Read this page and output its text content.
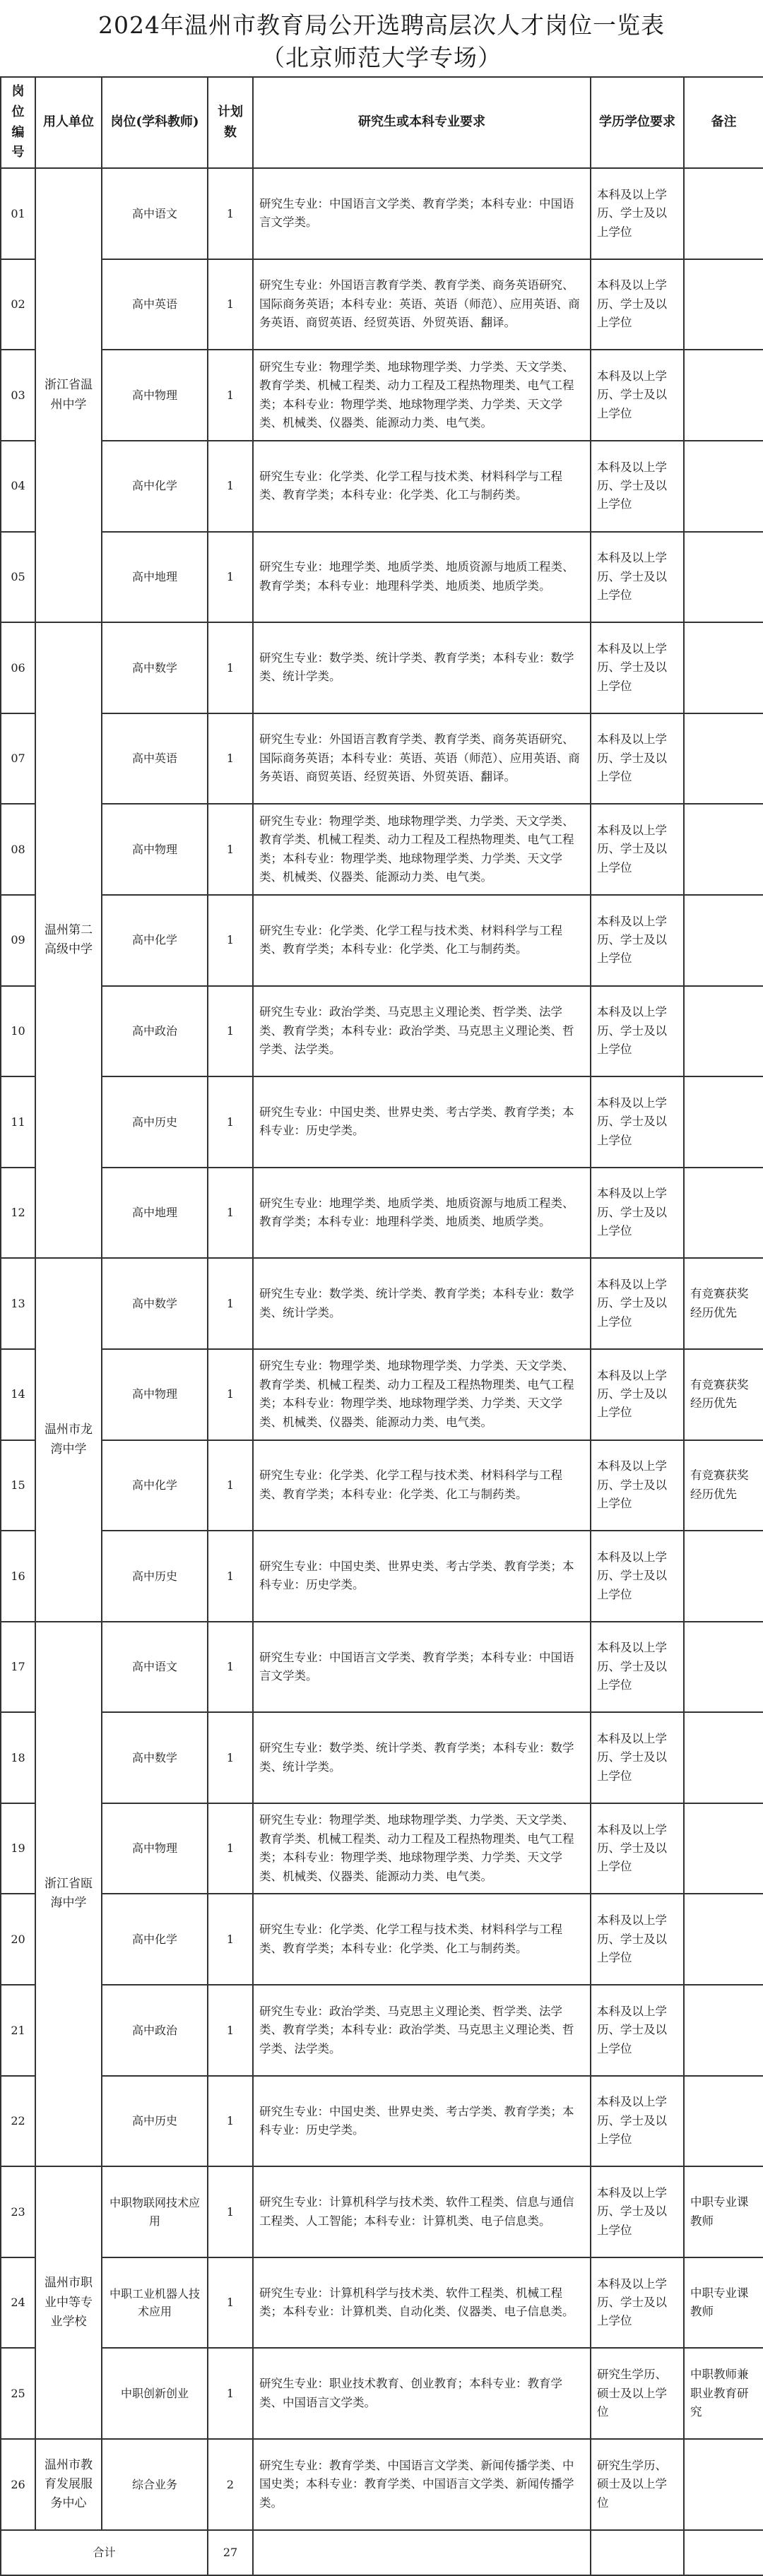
2024年温州市教育局公开选聘高层次人才岗位一览表
（北京师范大学专场）
岗位编号	用人单位	岗位(学科教师)	计划数	研究生或本科专业要求	学历学位要求	备注
01	浙江省温州中学	高中语文	1	研究生专业：中国语言文学类、教育学类；本科专业：中国语言文学类。	本科及以上学历、学士及以上学位	
02		高中英语	1	研究生专业：外国语言教育学类、教育学类、商务英语研究、国际商务英语；本科专业：英语、英语（师范）、应用英语、商务英语、商贸英语、经贸英语、外贸英语、翻译。	本科及以上学历、学士及以上学位	
03		高中物理	1	研究生专业：物理学类、地球物理学类、力学类、天文学类、教育学类、机械工程类、动力工程及工程热物理类、电气工程类；本科专业：物理学类、地球物理学类、力学类、天文学类、机械类、仪器类、能源动力类、电气类。	本科及以上学历、学士及以上学位	
04		高中化学	1	研究生专业：化学类、化学工程与技术类、材料科学与工程类、教育学类；本科专业：化学类、化工与制药类。	本科及以上学历、学士及以上学位	
05		高中地理	1	研究生专业：地理学类、地质学类、地质资源与地质工程类、教育学类；本科专业：地理科学类、地质类、地质学类。	本科及以上学历、学士及以上学位	
06	温州第二高级中学	高中数学	1	研究生专业：数学类、统计学类、教育学类；本科专业：数学类、统计学类。	本科及以上学历、学士及以上学位	
07		高中英语	1	研究生专业：外国语言教育学类、教育学类、商务英语研究、国际商务英语；本科专业：英语、英语（师范）、应用英语、商务英语、商贸英语、经贸英语、外贸英语、翻译。	本科及以上学历、学士及以上学位	
08		高中物理	1	研究生专业：物理学类、地球物理学类、力学类、天文学类、教育学类、机械工程类、动力工程及工程热物理类、电气工程类；本科专业：物理学类、地球物理学类、力学类、天文学类、机械类、仪器类、能源动力类、电气类。	本科及以上学历、学士及以上学位	
09		高中化学	1	研究生专业：化学类、化学工程与技术类、材料科学与工程类、教育学类；本科专业：化学类、化工与制药类。	本科及以上学历、学士及以上学位	
10		高中政治	1	研究生专业：政治学类、马克思主义理论类、哲学类、法学类、教育学类；本科专业：政治学类、马克思主义理论类、哲学类、法学类。	本科及以上学历、学士及以上学位	
11		高中历史	1	研究生专业：中国史类、世界史类、考古学类、教育学类；本科专业：历史学类。	本科及以上学历、学士及以上学位	
12		高中地理	1	研究生专业：地理学类、地质学类、地质资源与地质工程类、教育学类；本科专业：地理科学类、地质类、地质学类。	本科及以上学历、学士及以上学位	
13	温州市龙湾中学	高中数学	1	研究生专业：数学类、统计学类、教育学类；本科专业：数学类、统计学类。	本科及以上学历、学士及以上学位	有竞赛获奖经历优先
14		高中物理	1	研究生专业：物理学类、地球物理学类、力学类、天文学类、教育学类、机械工程类、动力工程及工程热物理类、电气工程类；本科专业：物理学类、地球物理学类、力学类、天文学类、机械类、仪器类、能源动力类、电气类。	本科及以上学历、学士及以上学位	有竞赛获奖经历优先
15		高中化学	1	研究生专业：化学类、化学工程与技术类、材料科学与工程类、教育学类；本科专业：化学类、化工与制药类。	本科及以上学历、学士及以上学位	有竞赛获奖经历优先
16		高中历史	1	研究生专业：中国史类、世界史类、考古学类、教育学类；本科专业：历史学类。	本科及以上学历、学士及以上学位	
17	浙江省瓯海中学	高中语文	1	研究生专业：中国语言文学类、教育学类；本科专业：中国语言文学类。	本科及以上学历、学士及以上学位	
18		高中数学	1	研究生专业：数学类、统计学类、教育学类；本科专业：数学类、统计学类。	本科及以上学历、学士及以上学位	
19		高中物理	1	研究生专业：物理学类、地球物理学类、力学类、天文学类、教育学类、机械工程类、动力工程及工程热物理类、电气工程类；本科专业：物理学类、地球物理学类、力学类、天文学类、机械类、仪器类、能源动力类、电气类。	本科及以上学历、学士及以上学位	
20		高中化学	1	研究生专业：化学类、化学工程与技术类、材料科学与工程类、教育学类；本科专业：化学类、化工与制药类。	本科及以上学历、学士及以上学位	
21		高中政治	1	研究生专业：政治学类、马克思主义理论类、哲学类、法学类、教育学类；本科专业：政治学类、马克思主义理论类、哲学类、法学类。	本科及以上学历、学士及以上学位	
22		高中历史	1	研究生专业：中国史类、世界史类、考古学类、教育学类；本科专业：历史学类。	本科及以上学历、学士及以上学位	
23	温州市职业中等专业学校	中职物联网技术应用	1	研究生专业：计算机科学与技术类、软件工程类、信息与通信工程类、人工智能；本科专业：计算机类、电子信息类。	本科及以上学历、学士及以上学位	中职专业课教师
24		中职工业机器人技术应用	1	研究生专业：计算机科学与技术类、软件工程类、机械工程类；本科专业：计算机类、自动化类、仪器类、电子信息类。	本科及以上学历、学士及以上学位	中职专业课教师
25		中职创新创业	1	研究生专业：职业技术教育、创业教育；本科专业：教育学类、中国语言文学类。	研究生学历、硕士及以上学位	中职教师兼职业教育研究
26	温州市教育发展服务中心	综合业务	2	研究生专业：教育学类、中国语言文学类、新闻传播学类、中国史类；本科专业：教育学类、中国语言文学类、新闻传播学类。	研究生学历、硕士及以上学位	
合计			27			
